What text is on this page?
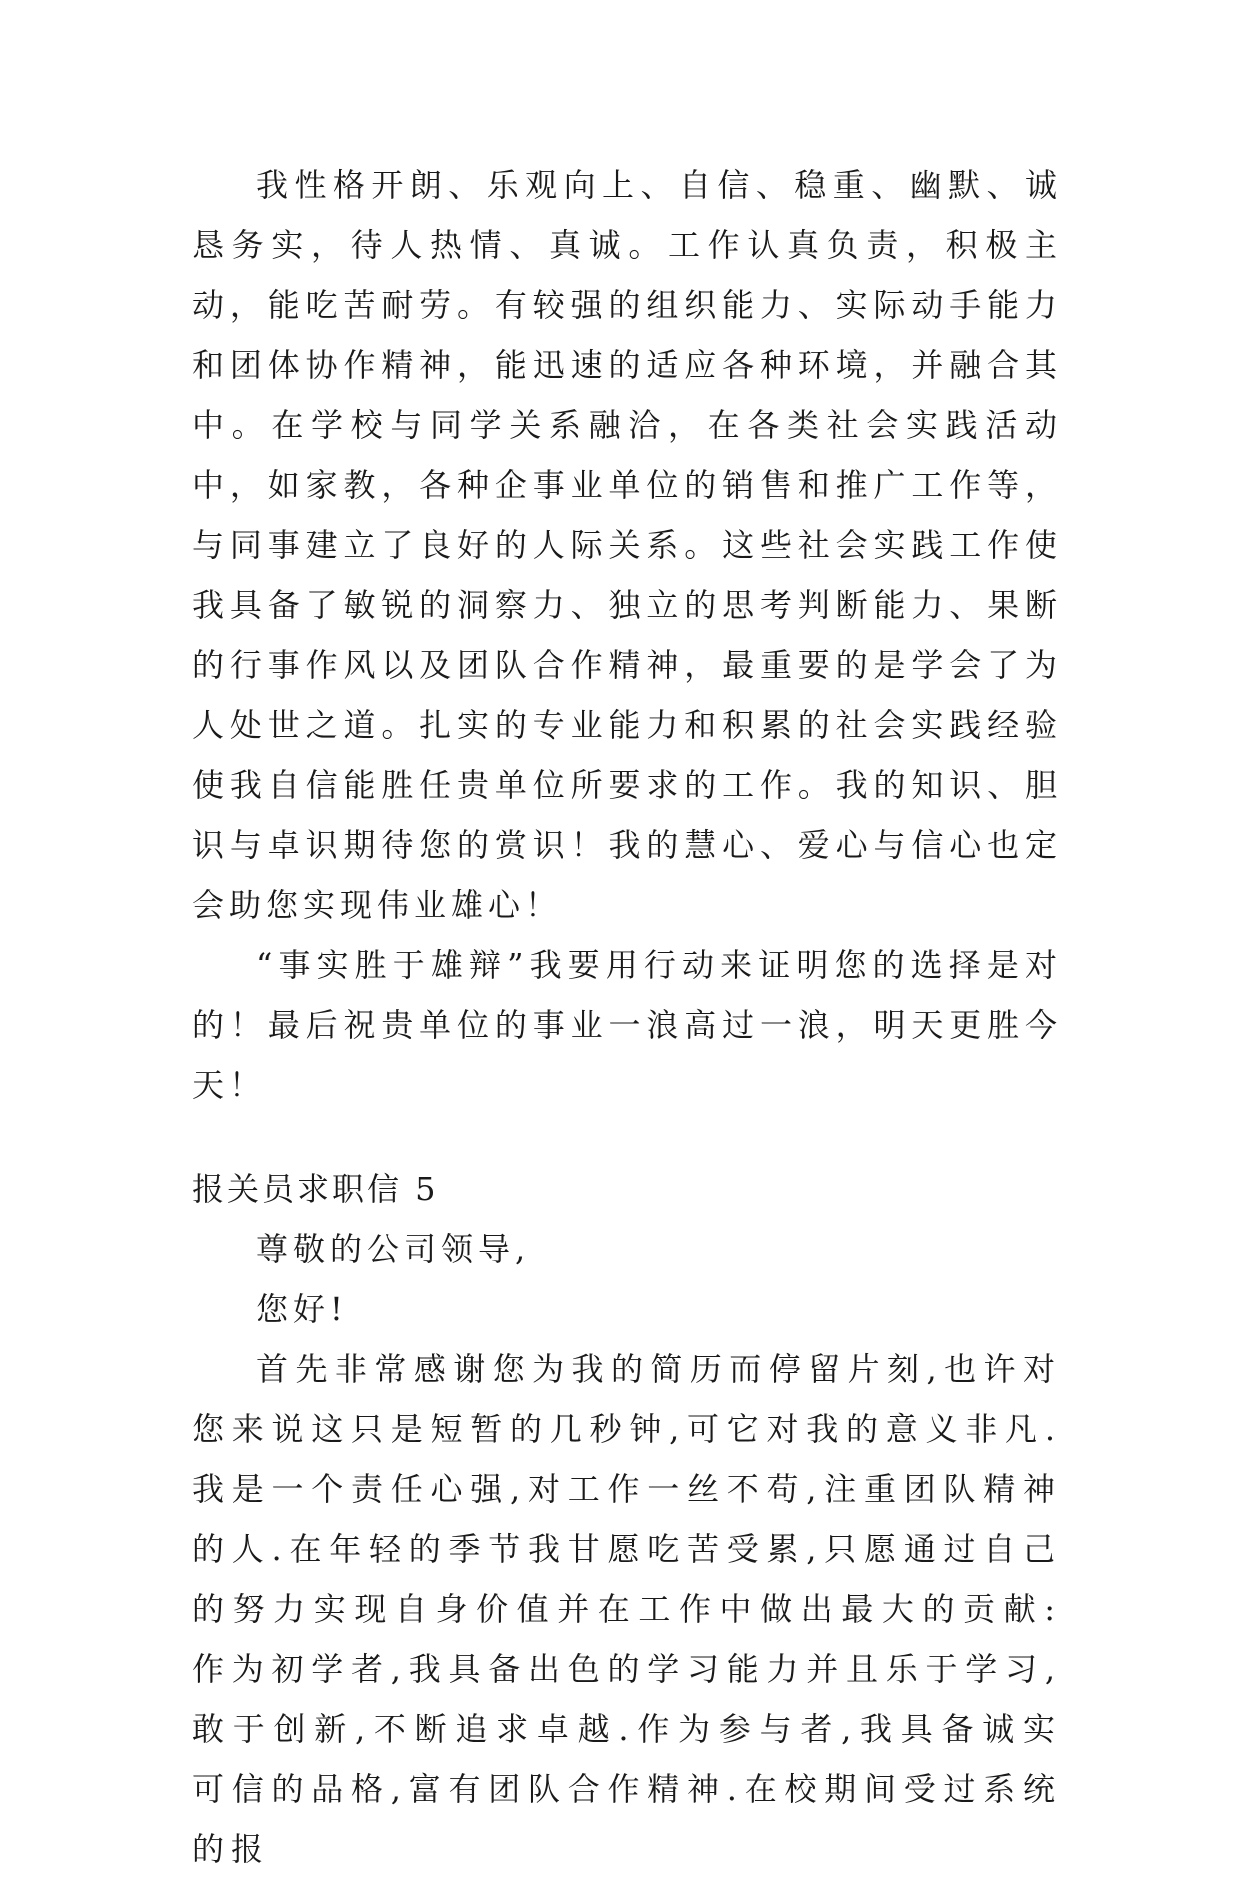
我性格开朗、乐观向上、自信、稳重、幽默、诚恳务实，待人热情、真诚。工作认真负责，积极主动，能吃苦耐劳。有较强的组织能力、实际动手能力和团体协作精神，能迅速的适应各种环境，并融合其中。在学校与同学关系融洽，在各类社会实践活动中，如家教，各种企事业单位的销售和推广工作等，与同事建立了良好的人际关系。这些社会实践工作使我具备了敏锐的洞察力、独立的思考判断能力、果断的行事作风以及团队合作精神，最重要的是学会了为人处世之道。扎实的专业能力和积累的社会实践经验使我自信能胜任贵单位所要求的工作。我的知识、胆识与卓识期待您的赏识！我的慧心、爱心与信心也定会助您实现伟业雄心！

“事实胜于雄辩”我要用行动来证明您的选择是对的！最后祝贵单位的事业一浪高过一浪，明天更胜今天！

报关员求职信 5

尊敬的公司领导,

您好!

首先非常感谢您为我的简历而停留片刻,也许对您来说这只是短暂的几秒钟,可它对我的意义非凡.我是一个责任心强,对工作一丝不苟,注重团队精神的人.在年轻的季节我甘愿吃苦受累,只愿通过自己的努力实现自身价值并在工作中做出最大的贡献:作为初学者,我具备出色的学习能力并且乐于学习,敢于创新,不断追求卓越.作为参与者,我具备诚实可信的品格,富有团队合作精神.在校期间受过系统的报
